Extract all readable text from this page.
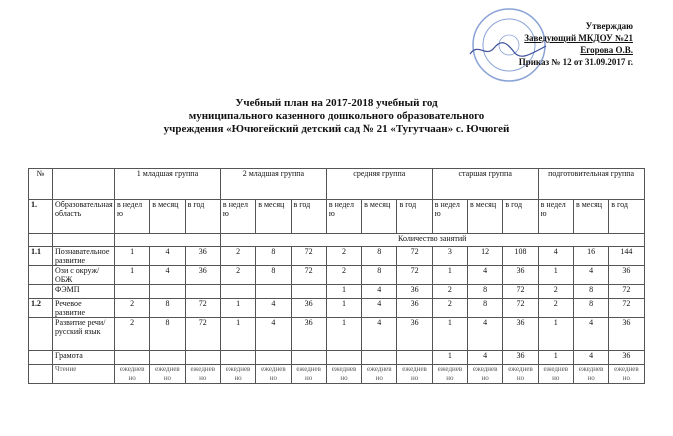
Утверждаю
Заведующий МКДОУ №21
Егорова О.В.
Приказ № 12 от 31.09.2017 г.
Учебный план на 2017-2018 учебный год
муниципального казенного дошкольного образовательного
учреждения «Ючюгейский детский сад № 21 «Тугутчаан» с. Ючюгей
№		1 младшая группа			2 младшая группа			средняя группа			старшая группа			подготовительная группа		
1.	Образовательная область	в недел ю	в месяц	в год	в недел ю	в месяц	в год	в недел ю	в месяц	в год	в недел ю	в месяц	в год	в недел ю	в месяц	в год
					Количество занятий											
1.1	Познавательное развитие	1	4	36	2	8	72	2	8	72	3	12	108	4	16	144
	Ози с окруж/ ОБЖ	1	4	36	2	8	72	2	8	72	1	4	36	1	4	36
	ФЭМП							1	4	36	2	8	72	2	8	72
1.2	Речевое развитие	2	8	72	1	4	36	1	4	36	2	8	72	2	8	72
	Развитие речи/русский язык	2	8	72	1	4	36	1	4	36	1	4	36	1	4	36
	Грамота										1	4	36	1	4	36
	Чтение	ежеднев но	ежеднев но	ежеднев но	ежеднев но	ежеднев но	ежеднев но	ежеднев но	ежеднев но	ежеднев но	ежеднев но	ежеднев но	ежеднев но	ежеднев но	ежеднев но	ежеднев но
